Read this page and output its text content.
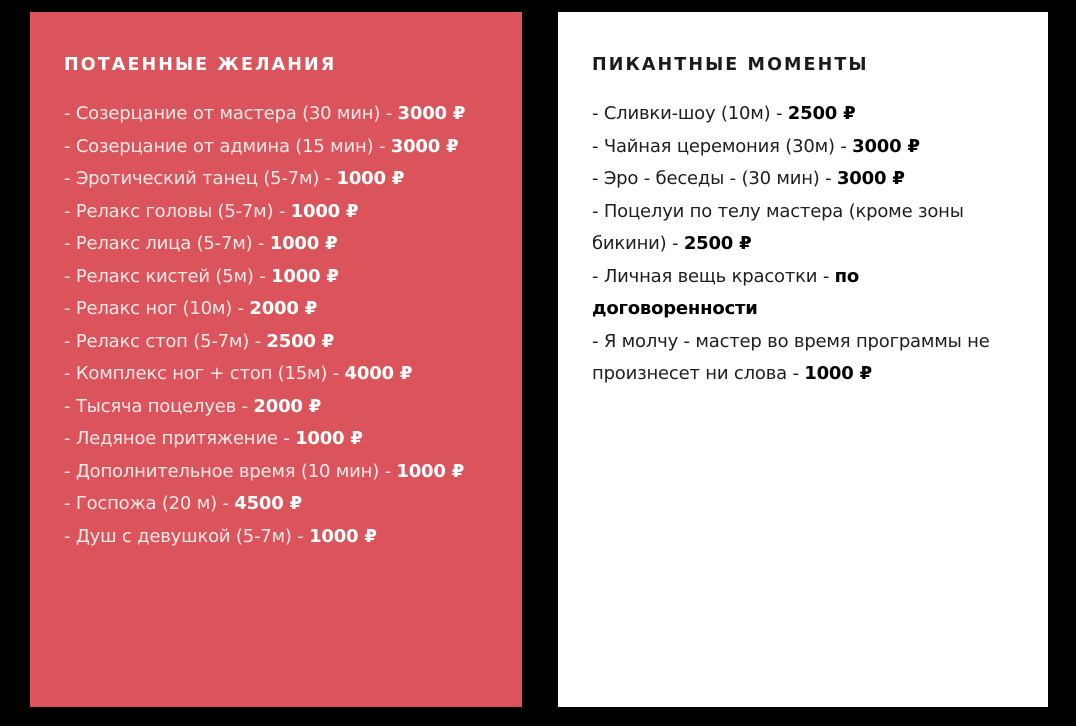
ПОТАЕННЫЕ ЖЕЛАНИЯ
- Созерцание от мастера (30 мин) - 3000 ₽
- Созерцание от админа (15 мин) - 3000 ₽
- Эротический танец (5-7м) - 1000 ₽
- Релакс головы (5-7м) - 1000 ₽
- Релакс лица (5-7м) - 1000 ₽
- Релакс кистей (5м) - 1000 ₽
- Релакс ног (10м) - 2000 ₽
- Релакс стоп (5-7м) - 2500 ₽
- Комплекс ног + стоп (15м) - 4000 ₽
- Тысяча поцелуев - 2000 ₽
- Ледяное притяжение - 1000 ₽
- Дополнительное время (10 мин) - 1000 ₽
- Госпожа (20 м) - 4500 ₽
- Душ с девушкой (5-7м) - 1000 ₽
ПИКАНТНЫЕ МОМЕНТЫ
- Сливки-шоу (10м) - 2500 ₽
- Чайная церемония (30м) - 3000 ₽
- Эро - беседы - (30 мин) - 3000 ₽
- Поцелуи по телу мастера (кроме зоны бикини) - 2500 ₽
- Личная вещь красотки - по договоренности
- Я молчу - мастер во время программы не произнесет ни слова - 1000 ₽
